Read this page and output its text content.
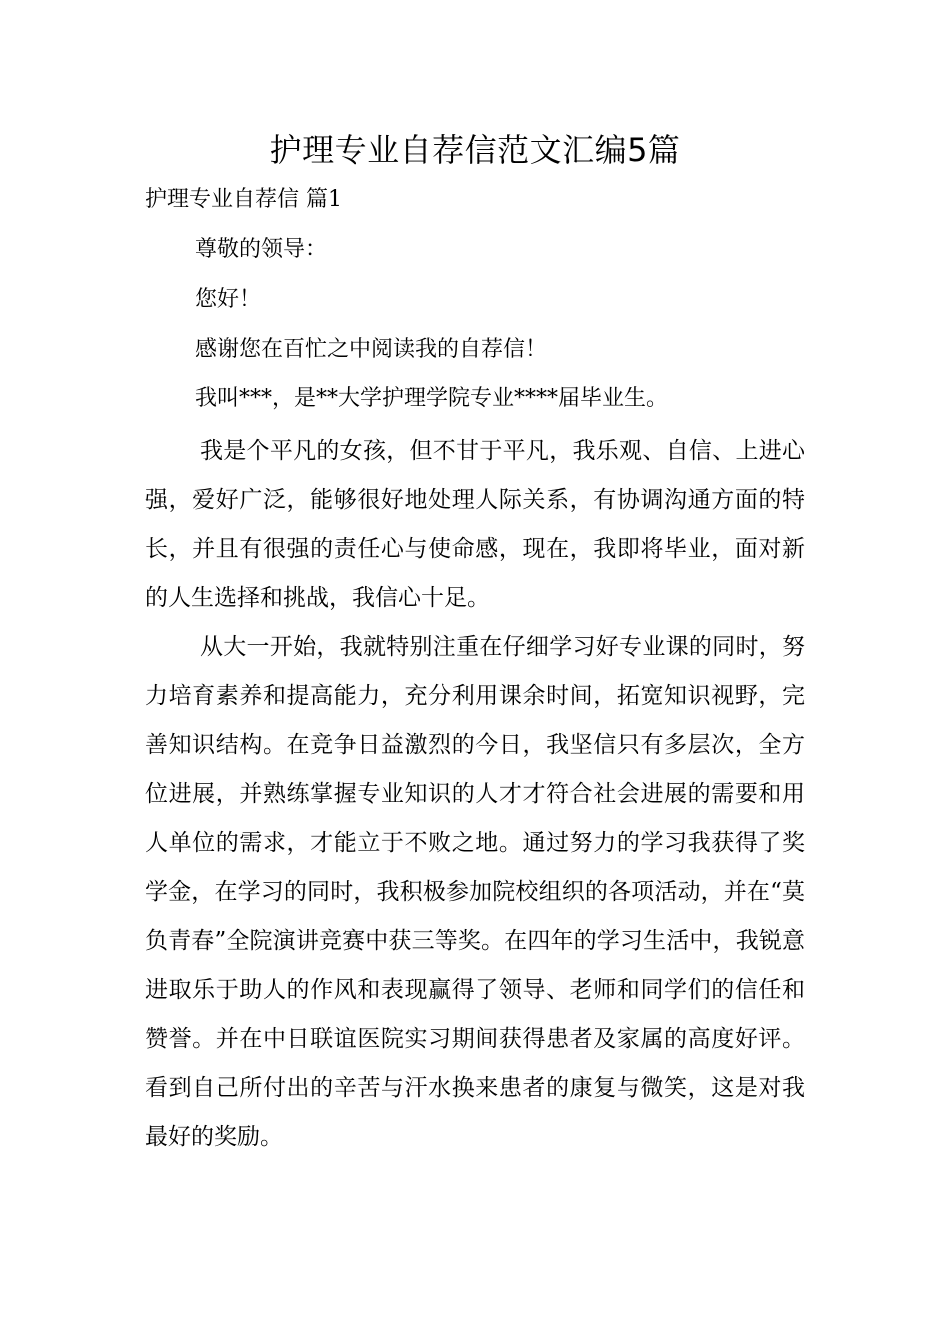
护理专业自荐信范文汇编5篇
护理专业自荐信 篇1
尊敬的领导：
您好！
感谢您在百忙之中阅读我的自荐信！
我叫***，是**大学护理学院专业****届毕业生。
我是个平凡的女孩，但不甘于平凡，我乐观、自信、上进心强，爱好广泛，能够很好地处理人际关系，有协调沟通方面的特长，并且有很强的责任心与使命感，现在，我即将毕业，面对新的人生选择和挑战，我信心十足。
从大一开始，我就特别注重在仔细学习好专业课的同时，努力培育素养和提高能力，充分利用课余时间，拓宽知识视野，完善知识结构。在竞争日益激烈的今日，我坚信只有多层次，全方位进展，并熟练掌握专业知识的人才才符合社会进展的需要和用人单位的需求，才能立于不败之地。通过努力的学习我获得了奖学金，在学习的同时，我积极参加院校组织的各项活动，并在“莫负青春”全院演讲竞赛中获三等奖。在四年的学习生活中，我锐意进取乐于助人的作风和表现赢得了领导、老师和同学们的信任和赞誉。并在中日联谊医院实习期间获得患者及家属的高度好评。看到自己所付出的辛苦与汗水换来患者的康复与微笑，这是对我最好的奖励。
